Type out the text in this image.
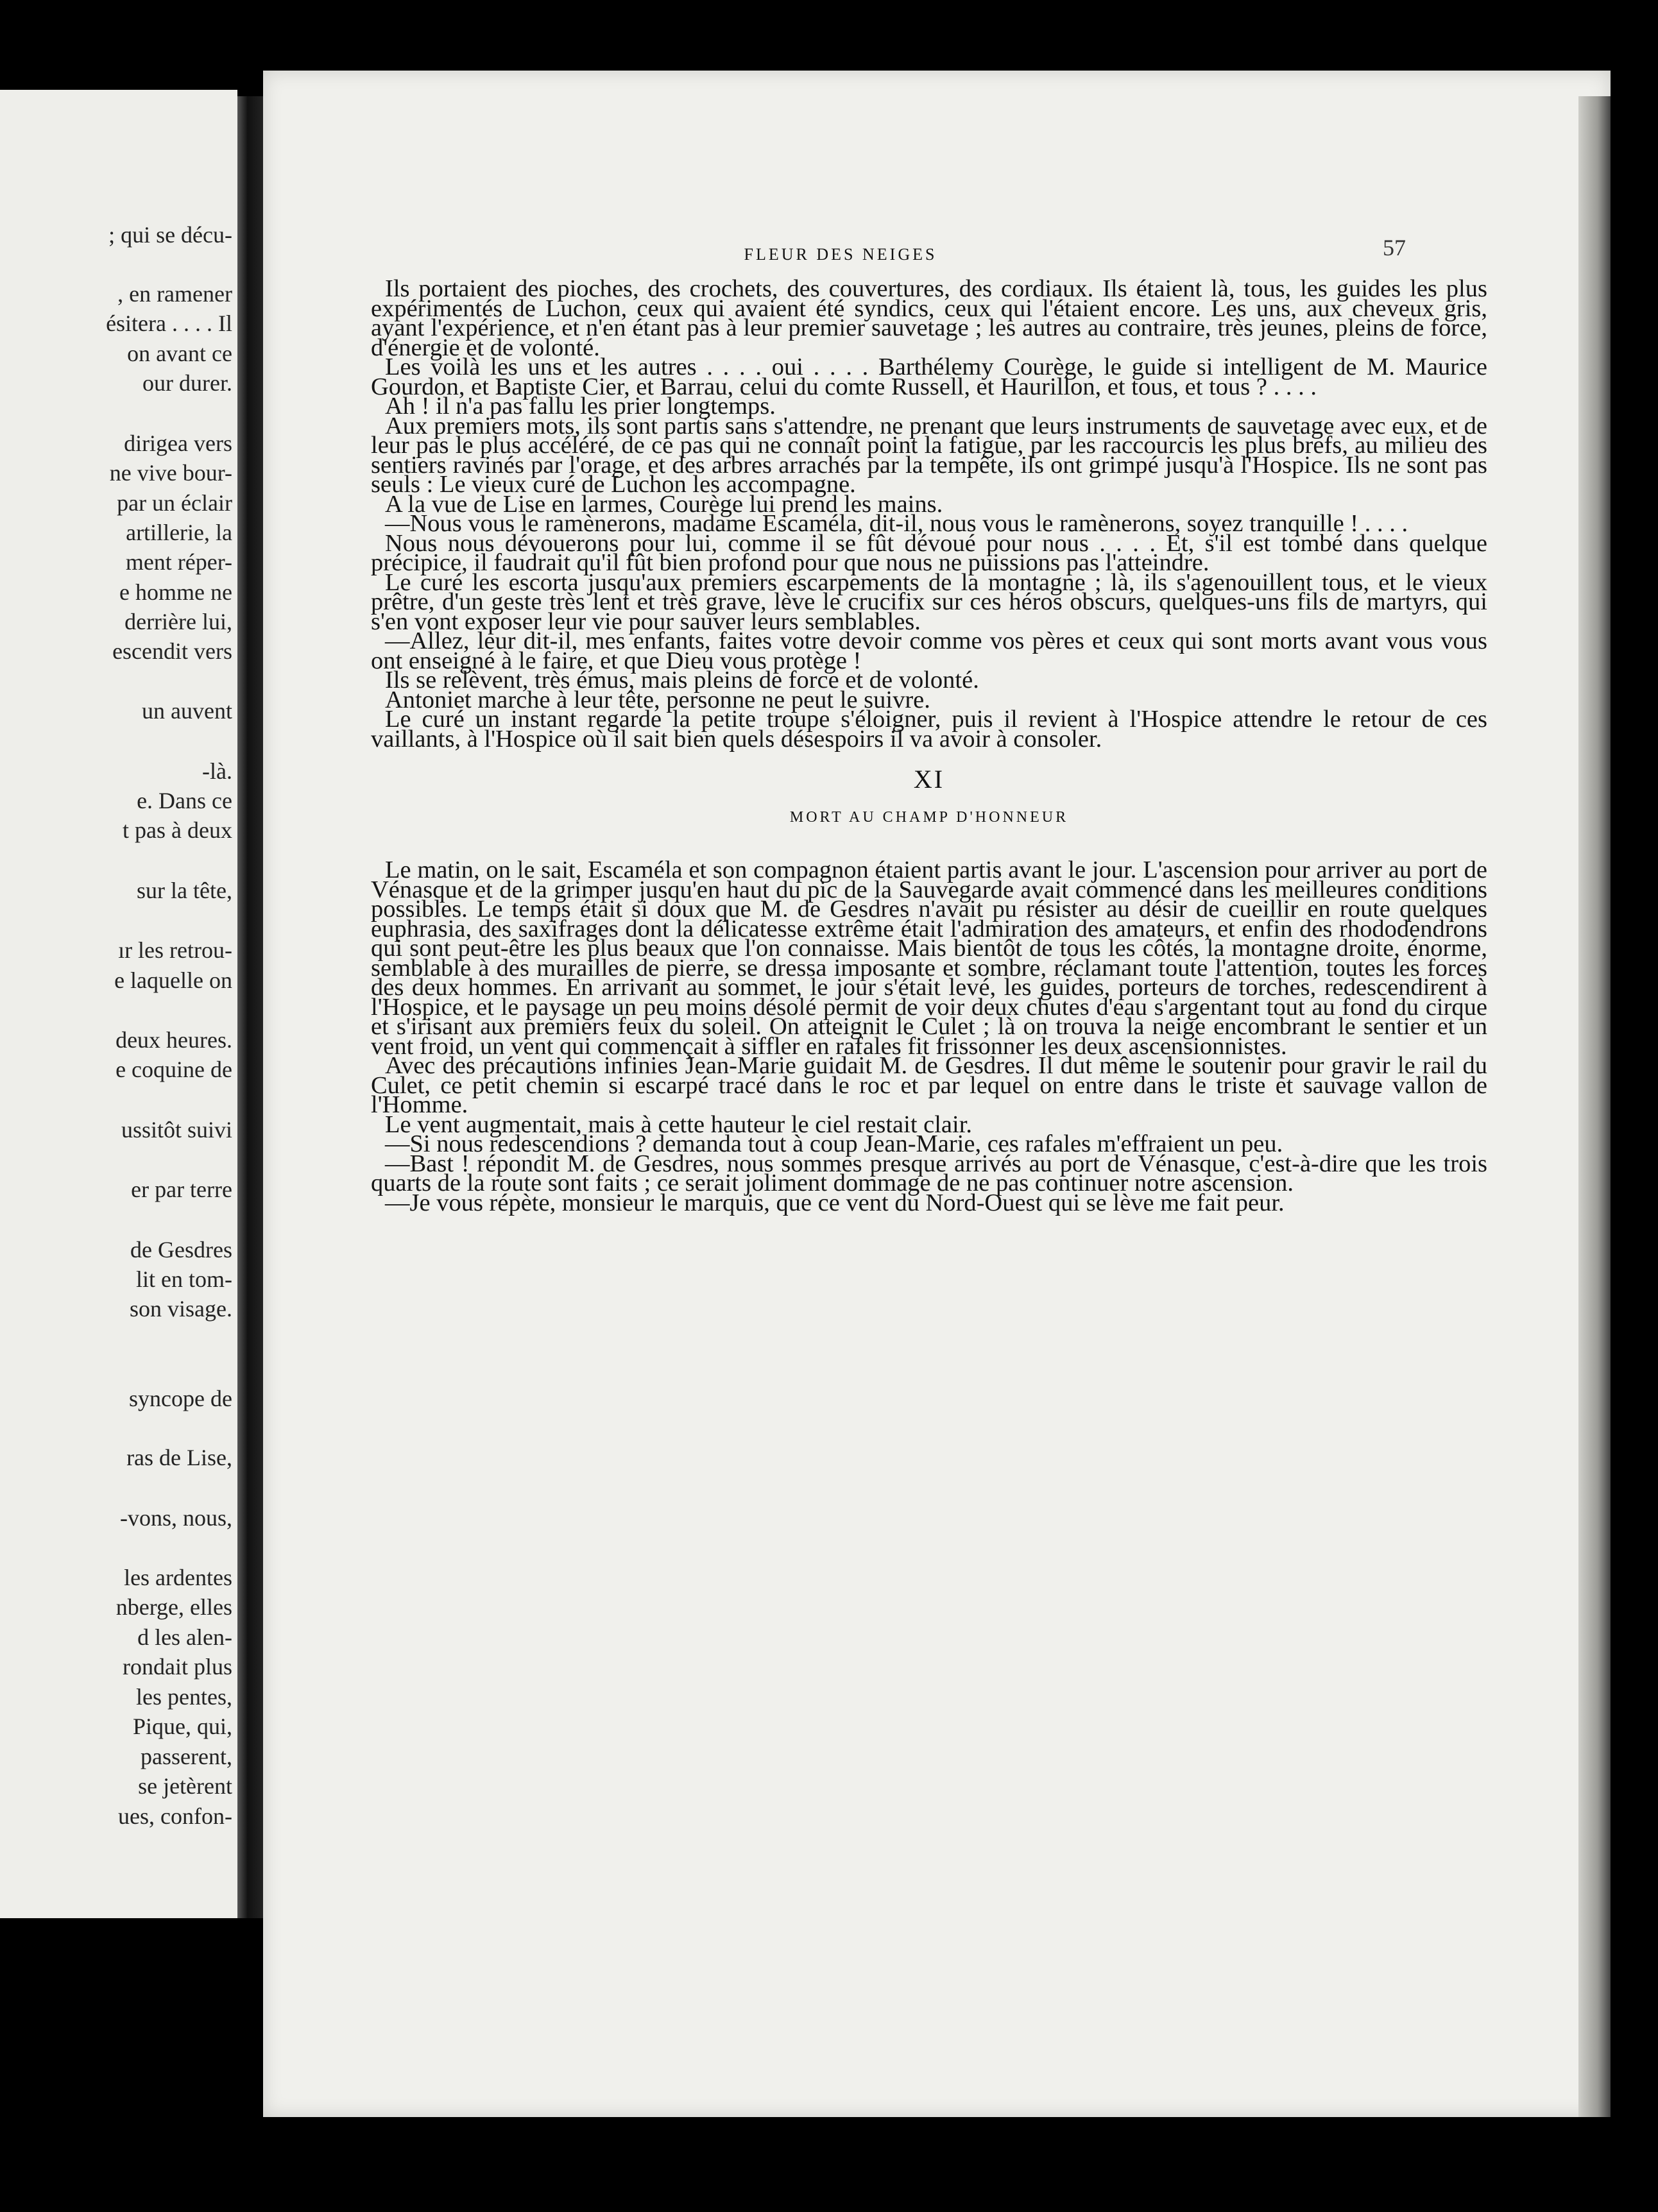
; qui se décu-
, en ramener
ésitera . . . . Il
on avant ce
our durer.
dirigea vers
ne vive bour-
par un éclair
artillerie, la
ment réper-
e homme ne
derrière lui,
escendit vers
un auvent
-là.
e. Dans ce
t pas à deux
sur la tête,
ır les retrou-
e laquelle on
deux heures.
e coquine de
ussitôt suivi
er par terre
de Gesdres
lit en tom-
son visage.
syncope de
ras de Lise,
-vons, nous,
les ardentes
nberge, elles
d les alen-
rondait plus
les pentes,
Pique, qui,
passerent,
se jetèrent
ues, confon-
FLEUR DES NEIGES	57

Ils portaient des pioches, des crochets, des couvertures, des cordiaux. Ils étaient là, tous, les guides les plus expérimentés de Luchon, ceux qui avaient été syndics, ceux qui l'étaient encore. Les uns, aux cheveux gris, ayant l'expérience, et n'en étant pas à leur premier sauvetage ; les autres au contraire, très jeunes, pleins de force, d'énergie et de volonté.

Les voilà les uns et les autres . . . . oui . . . . Barthélemy Courège, le guide si intelligent de M. Maurice Gourdon, et Baptiste Cier, et Barrau, celui du comte Russell, et Haurillon, et tous, et tous ? . . . .

Ah ! il n'a pas fallu les prier longtemps.

Aux premiers mots, ils sont partis sans s'attendre, ne prenant que leurs instruments de sauvetage avec eux, et de leur pas le plus accéléré, de ce pas qui ne connaît point la fatigue, par les raccourcis les plus brefs, au milieu des sentiers ravinés par l'orage, et des arbres arrachés par la tempête, ils ont grimpé jusqu'à l'Hospice. Ils ne sont pas seuls : Le vieux curé de Luchon les accompagne.

A la vue de Lise en larmes, Courège lui prend les mains.

—Nous vous le ramènerons, madame Escaméla, dit-il, nous vous le ramènerons, soyez tranquille ! . . . .

Nous nous dévouerons pour lui, comme il se fût dévoué pour nous . . . . Et, s'il est tombé dans quelque précipice, il faudrait qu'il fût bien profond pour que nous ne puissions pas l'atteindre.

Le curé les escorta jusqu'aux premiers escarpements de la montagne ; là, ils s'agenouillent tous, et le vieux prêtre, d'un geste très lent et très grave, lève le crucifix sur ces héros obscurs, quelques-uns fils de martyrs, qui s'en vont exposer leur vie pour sauver leurs semblables.

—Allez, leur dit-il, mes enfants, faites votre devoir comme vos pères et ceux qui sont morts avant vous vous ont enseigné à le faire, et que Dieu vous protège !

Ils se relèvent, très émus, mais pleins de force et de volonté.

Antoniet marche à leur tête, personne ne peut le suivre.

Le curé un instant regarde la petite troupe s'éloigner, puis il revient à l'Hospice attendre le retour de ces vaillants, à l'Hospice où il sait bien quels désespoirs il va avoir à consoler.

XI
MORT AU CHAMP D'HONNEUR

Le matin, on le sait, Escaméla et son compagnon étaient partis avant le jour. L'ascension pour arriver au port de Vénasque et de la grimper jusqu'en haut du pic de la Sauvegarde avait commencé dans les meilleures conditions possibles. Le temps était si doux que M. de Gesdres n'avait pu résister au désir de cueillir en route quelques euphrasia, des saxifrages dont la délicatesse extrême était l'admiration des amateurs, et enfin des rhododendrons qui sont peut-être les plus beaux que l'on connaisse. Mais bientôt de tous les côtés, la montagne droite, énorme, semblable à des murailles de pierre, se dressa imposante et sombre, réclamant toute l'attention, toutes les forces des deux hommes. En arrivant au sommet, le jour s'était levé, les guides, porteurs de torches, redescendirent à l'Hospice, et le paysage un peu moins désolé permit de voir deux chutes d'eau s'argentant tout au fond du cirque et s'irisant aux premiers feux du soleil. On atteignit le Culet ; là on trouva la neige encombrant le sentier et un vent froid, un vent qui commençait à siffler en rafales fit frissonner les deux ascensionnistes.

Avec des précautions infinies Jean-Marie guidait M. de Gesdres. Il dut même le soutenir pour gravir le rail du Culet, ce petit chemin si escarpé tracé dans le roc et par lequel on entre dans le triste et sauvage vallon de l'Homme.

Le vent augmentait, mais à cette hauteur le ciel restait clair.

—Si nous redescendions ? demanda tout à coup Jean-Marie, ces rafales m'effraient un peu.

—Bast ! répondit M. de Gesdres, nous sommes presque arrivés au port de Vénasque, c'est-à-dire que les trois quarts de la route sont faits ; ce serait joliment dommage de ne pas continuer notre ascension.

—Je vous répète, monsieur le marquis, que ce vent du Nord-Ouest qui se lève me fait peur.
